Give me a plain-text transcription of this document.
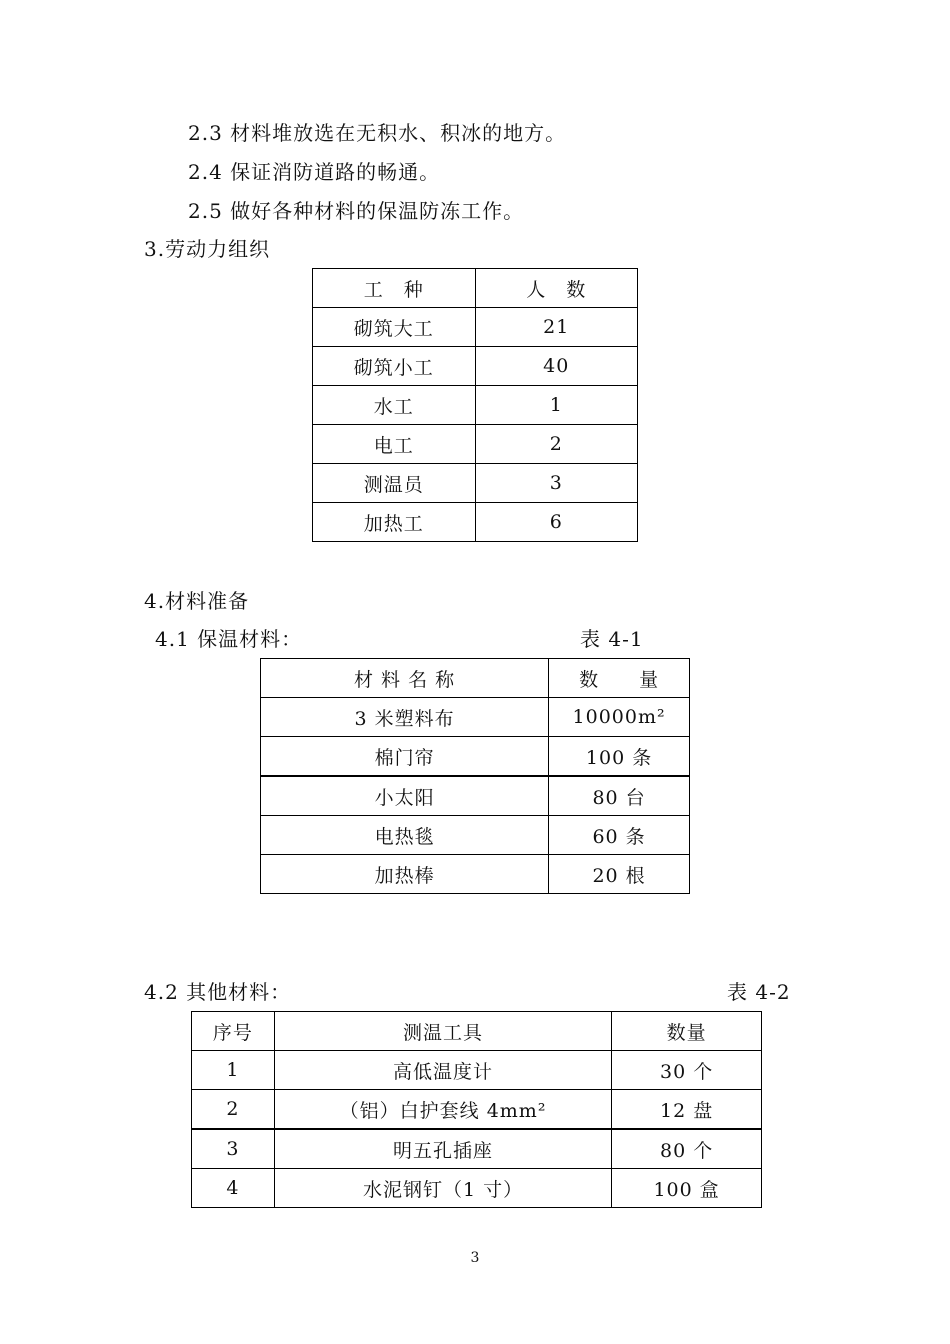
2.3 材料堆放选在无积水、积冰的地方。
2.4 保证消防道路的畅通。
2.5 做好各种材料的保温防冻工作。
3.劳动力组织
工　种	人　数
砌筑大工	21
砌筑小工	40
水工	1
电工	2
测温员	3
加热工	6
4.材料准备
4.1 保温材料：	表 4-1
材 料 名 称	数　　量
3 米塑料布	10000m²
棉门帘	100 条
小太阳	80 台
电热毯	60 条
加热棒	20 根
4.2 其他材料：	表 4-2
序号	测温工具	数量
1	高低温度计	30 个
2	（铝）白护套线 4mm²	12 盘
3	明五孔插座	80 个
4	水泥钢钉（1 寸）	100 盒
3
